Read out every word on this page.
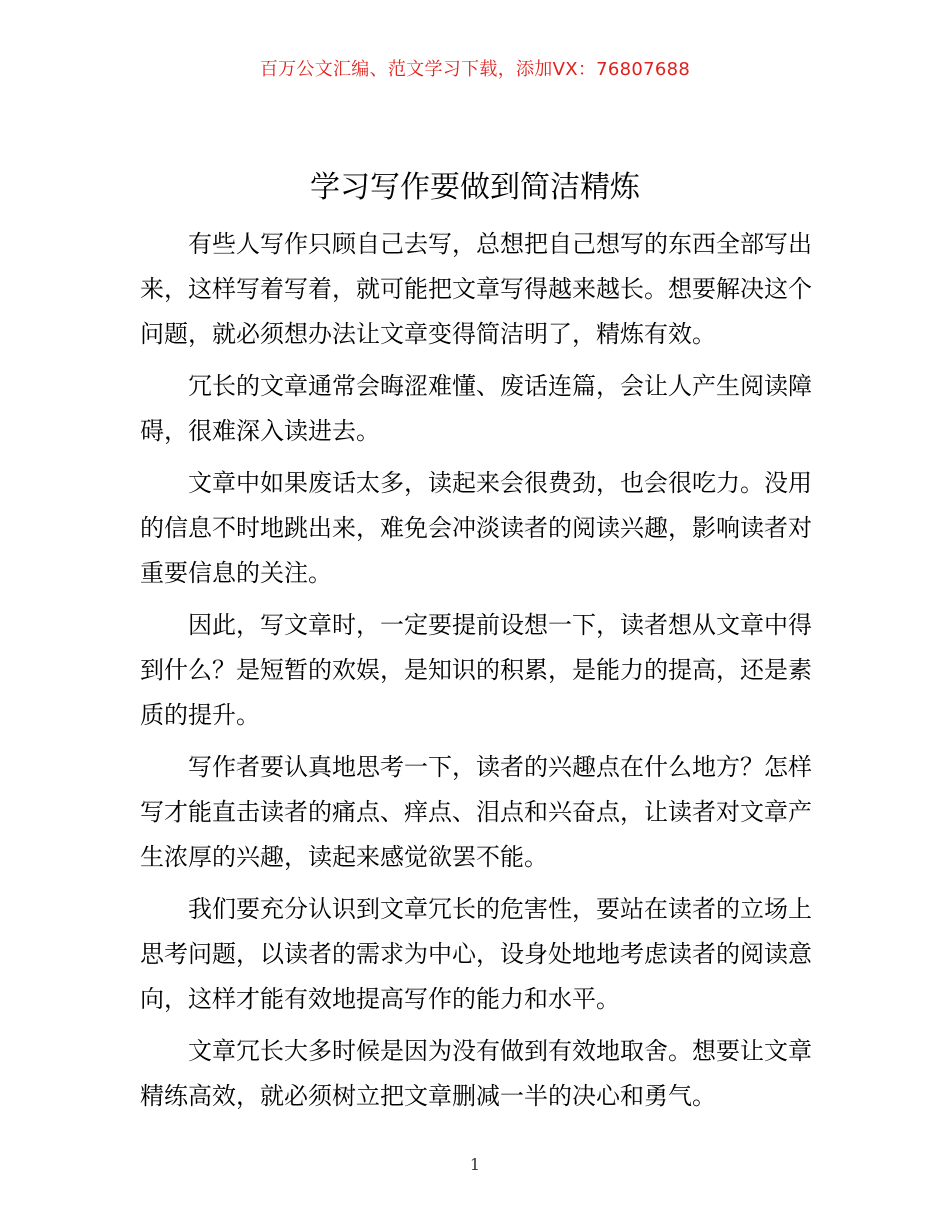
百万公文汇编、范文学习下载，添加VX：76807688
学习写作要做到简洁精炼

有些人写作只顾自己去写，总想把自己想写的东西全部写出来，这样写着写着，就可能把文章写得越来越长。想要解决这个问题，就必须想办法让文章变得简洁明了，精炼有效。

冗长的文章通常会晦涩难懂、废话连篇，会让人产生阅读障碍，很难深入读进去。

文章中如果废话太多，读起来会很费劲，也会很吃力。没用的信息不时地跳出来，难免会冲淡读者的阅读兴趣，影响读者对重要信息的关注。

因此，写文章时，一定要提前设想一下，读者想从文章中得到什么？是短暂的欢娱，是知识的积累，是能力的提高，还是素质的提升。

写作者要认真地思考一下，读者的兴趣点在什么地方？怎样写才能直击读者的痛点、痒点、泪点和兴奋点，让读者对文章产生浓厚的兴趣，读起来感觉欲罢不能。

我们要充分认识到文章冗长的危害性，要站在读者的立场上思考问题，以读者的需求为中心，设身处地地考虑读者的阅读意向，这样才能有效地提高写作的能力和水平。

文章冗长大多时候是因为没有做到有效地取舍。想要让文章精练高效，就必须树立把文章删减一半的决心和勇气。

1
